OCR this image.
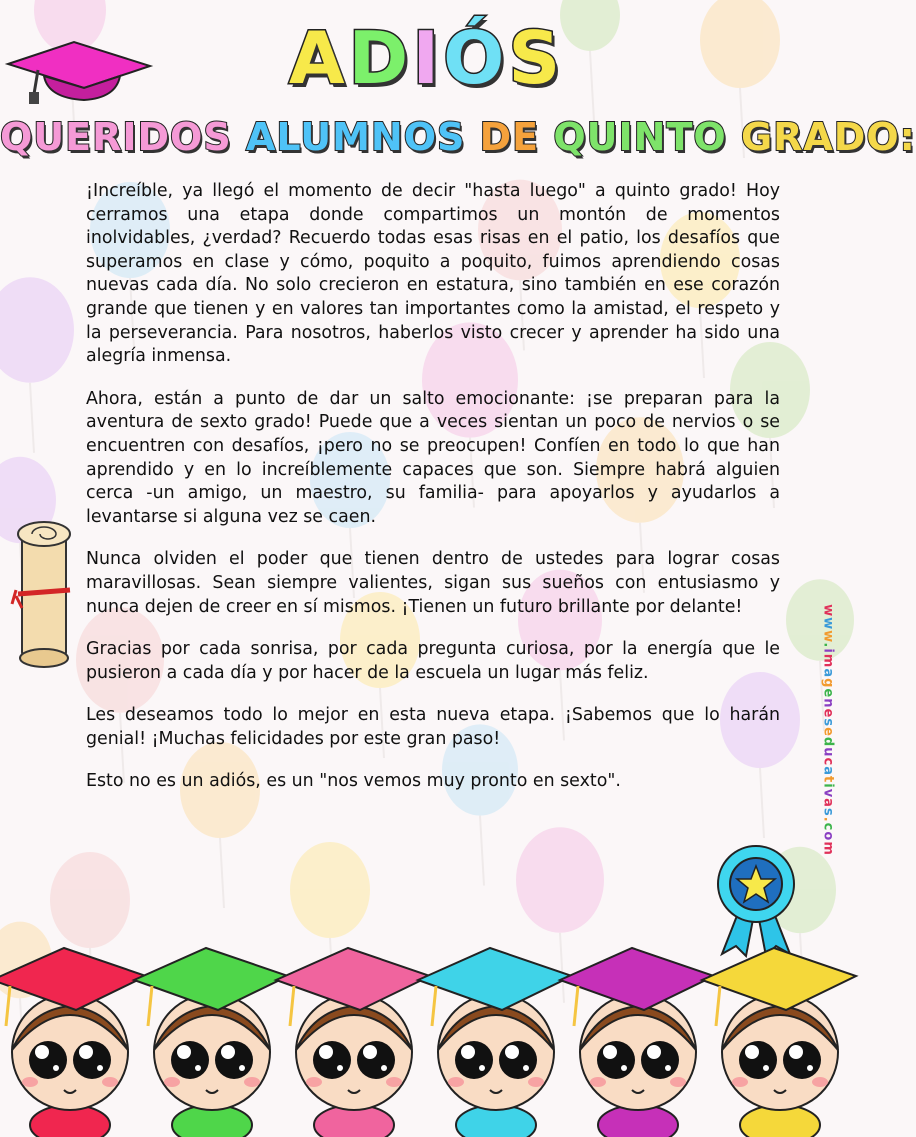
ADIÓS
QUERIDOS ALUMNOS DE QUINTO GRADO:

¡Increíble, ya llegó el momento de decir "hasta luego" a quinto grado! Hoy cerramos una etapa donde compartimos un montón de momentos inolvidables, ¿verdad? Recuerdo todas esas risas en el patio, los desafíos que superamos en clase y cómo, poquito a poquito, fuimos aprendiendo cosas nuevas cada día. No solo crecieron en estatura, sino también en ese corazón grande que tienen y en valores tan importantes como la amistad, el respeto y la perseverancia. Para nosotros, haberlos visto crecer y aprender ha sido una alegría inmensa.

Ahora, están a punto de dar un salto emocionante: ¡se preparan para la aventura de sexto grado! Puede que a veces sientan un poco de nervios o se encuentren con desafíos, ¡pero no se preocupen! Confíen en todo lo que han aprendido y en lo increíblemente capaces que son. Siempre habrá alguien cerca -un amigo, un maestro, su familia- para apoyarlos y ayudarlos a levantarse si alguna vez se caen.

Nunca olviden el poder que tienen dentro de ustedes para lograr cosas maravillosas. Sean siempre valientes, sigan sus sueños con entusiasmo y nunca dejen de creer en sí mismos. ¡Tienen un futuro brillante por delante!

Gracias por cada sonrisa, por cada pregunta curiosa, por la energía que le pusieron a cada día y por hacer de la escuela un lugar más feliz.

Les deseamos todo lo mejor en esta nueva etapa. ¡Sabemos que lo harán genial! ¡Muchas felicidades por este gran paso!

Esto no es un adiós, es un "nos vemos muy pronto en sexto".

www.imageneseducativas.com
